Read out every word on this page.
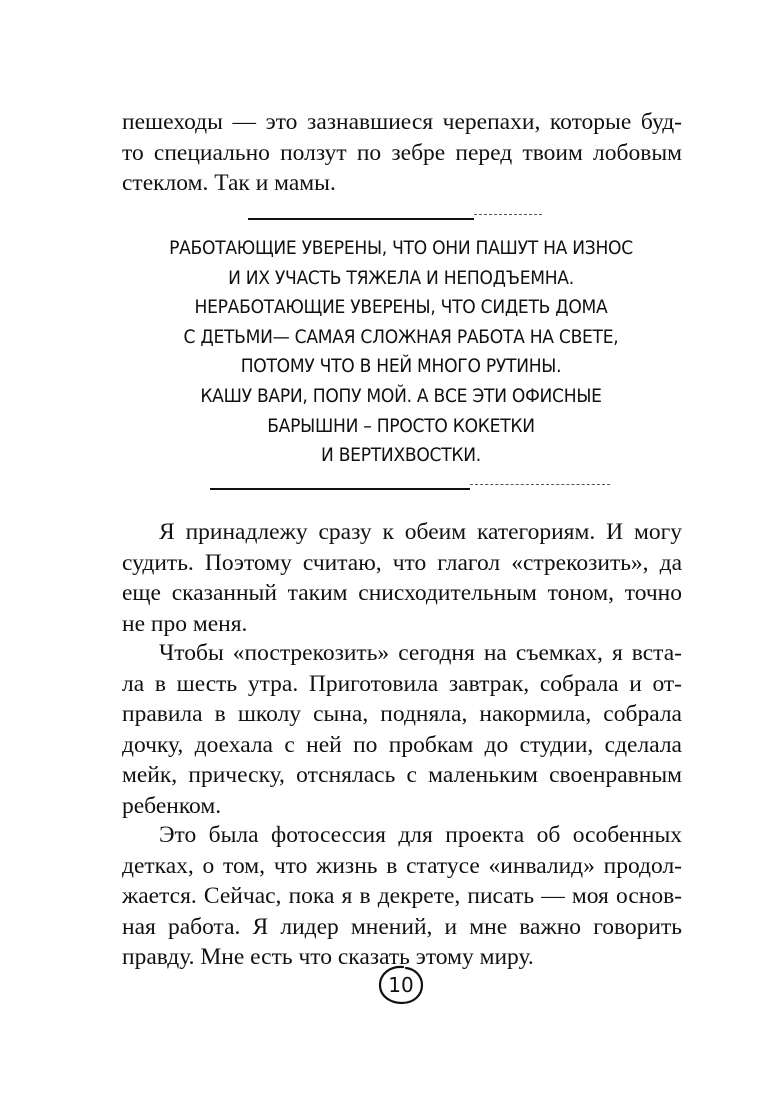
пешеходы — это зазнавшиеся черепахи, которые буд-
то специально ползут по зебре перед твоим лобовым
стеклом. Так и мамы.
РАБОТАЮЩИЕ УВЕРЕНЫ, ЧТО ОНИ ПАШУТ НА ИЗНОС
И ИХ УЧАСТЬ ТЯЖЕЛА И НЕПОДЪЕМНА.
НЕРАБОТАЮЩИЕ УВЕРЕНЫ, ЧТО СИДЕТЬ ДОМА
С ДЕТЬМИ— САМАЯ СЛОЖНАЯ РАБОТА НА СВЕТЕ,
ПОТОМУ ЧТО В НЕЙ МНОГО РУТИНЫ.
КАШУ ВАРИ, ПОПУ МОЙ. А ВСЕ ЭТИ ОФИСНЫЕ
БАРЫШНИ – ПРОСТО КОКЕТКИ
И ВЕРТИХВОСТКИ.
Я принадлежу сразу к обеим категориям. И могу
судить. Поэтому считаю, что глагол «стрекозить», да
еще сказанный таким снисходительным тоном, точно
не про меня.
Чтобы «пострекозить» сегодня на съемках, я вста-
ла в шесть утра. Приготовила завтрак, собрала и от-
правила в школу сына, подняла, накормила, собрала
дочку, доехала с ней по пробкам до студии, сделала
мейк, прическу, отснялась с маленьким своенравным
ребенком.
Это была фотосессия для проекта об особенных
детках, о том, что жизнь в статусе «инвалид» продол-
жается. Сейчас, пока я в декрете, писать — моя основ-
ная работа. Я лидер мнений, и мне важно говорить
правду. Мне есть что сказать этому миру.
10
